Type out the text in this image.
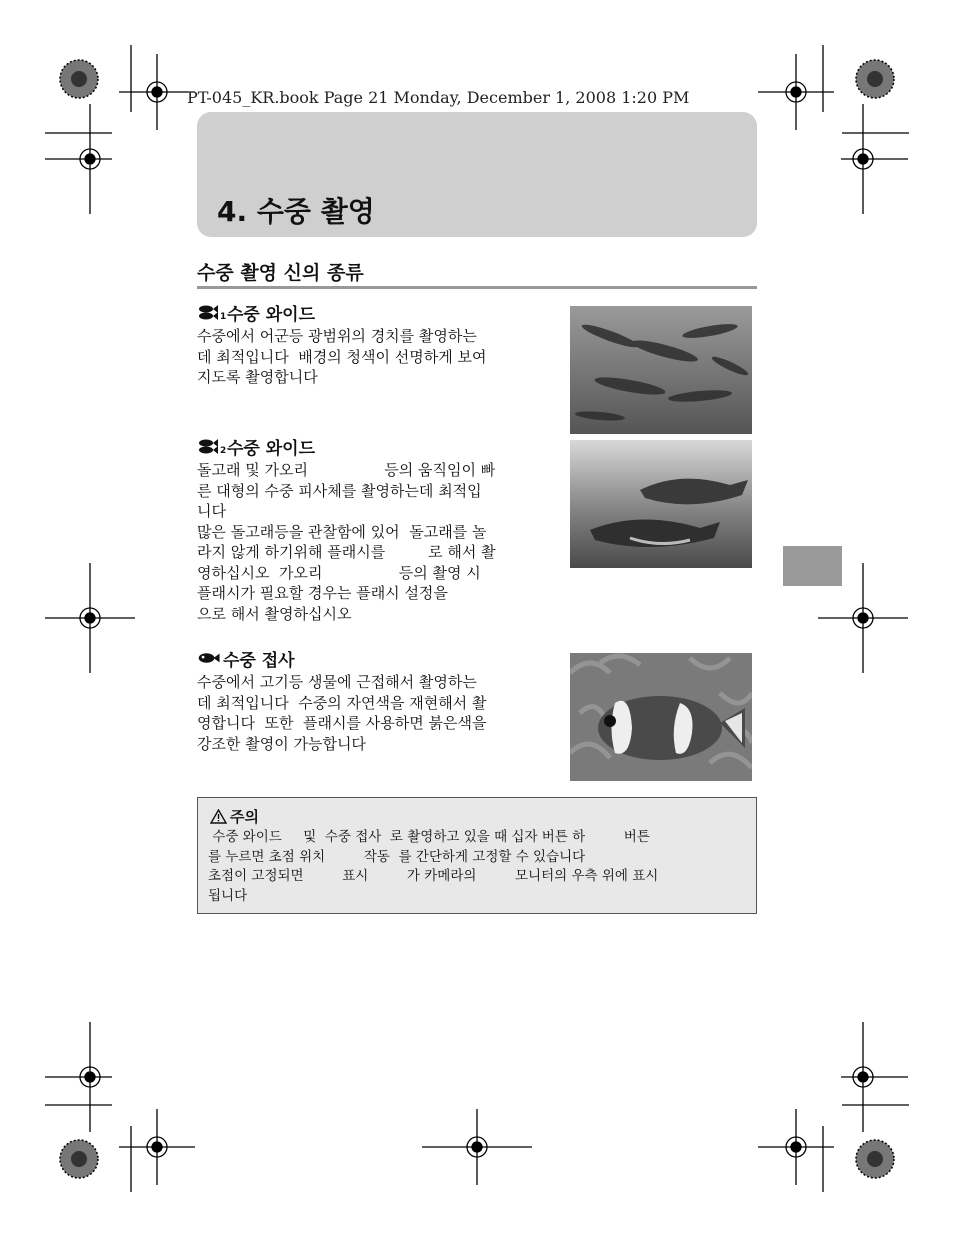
PT-045_KR.book Page 21 Monday, December 1, 2008 1:20 PM
4. 수중 촬영
수중 촬영 신의 종류
1 수중 와이드

수중에서 어군등 광범위의 경치를 촬영하는

데 최적입니다  배경의 청색이 선명하게 보여

지도록 촬영합니다

2 수중 와이드

돌고래 및 가오리                등의 움직임이 빠

른 대형의 수중 피사체를 촬영하는데 최적입

니다

많은 돌고래등을 관찰함에 있어  돌고래를 놀

라지 않게 하기위해 플래시를         로 해서 촬

영하십시오  가오리                등의 촬영 시

플래시가 필요할 경우는 플래시 설정을

으로 해서 촬영하십시오

수중 접사

수중에서 고기등 생물에 근접해서 촬영하는

데 최적입니다  수중의 자연색을 재현해서 촬

영합니다  또한  플래시를 사용하면 붉은색을

강조한 촬영이 가능합니다

주의

수중 와이드     및  수중 접사  로 촬영하고 있을 때 십자 버튼 하         버튼

를 누르면 초점 위치         작동  를 간단하게 고정할 수 있습니다

초점이 고정되면         표시         가 카메라의         모니터의 우측 위에 표시

됩니다
